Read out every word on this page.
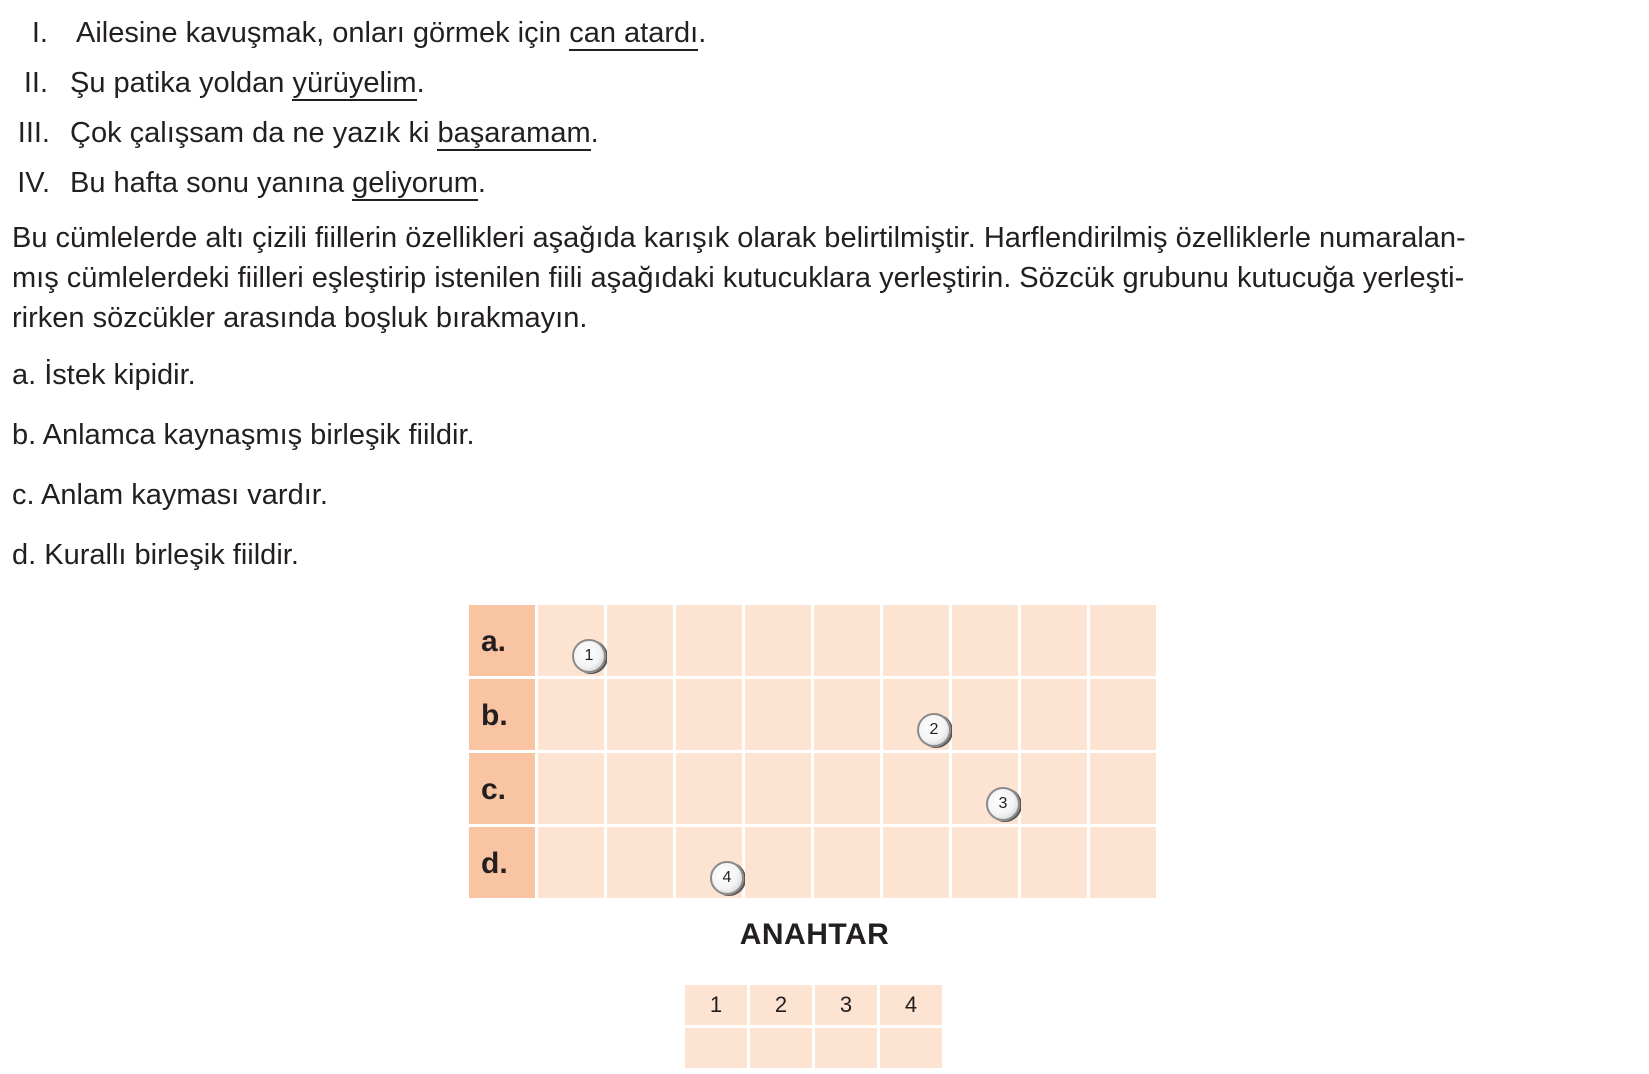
I. Ailesine kavuşmak, onları görmek için can atardı.
II. Şu patika yoldan yürüyelim.
III. Çok çalışsam da ne yazık ki başaramam.
IV. Bu hafta sonu yanına geliyorum.

Bu cümlelerde altı çizili fiillerin özellikleri aşağıda karışık olarak belirtilmiştir. Harflendirilmiş özelliklerle numaralan-
mış cümlelerdeki fiilleri eşleştirip istenilen fiili aşağıdaki kutucuklara yerleştirin. Sözcük grubunu kutucuğa yerleşti-
rirken sözcükler arasında boşluk bırakmayın.

a. İstek kipidir.
b. Anlamca kaynaşmış birleşik fiildir.
c. Anlam kayması vardır.
d. Kurallı birleşik fiildir.
a.	1								

b.						2			

c.							3		

d.			4						

ANAHTAR
1	2	3	4
